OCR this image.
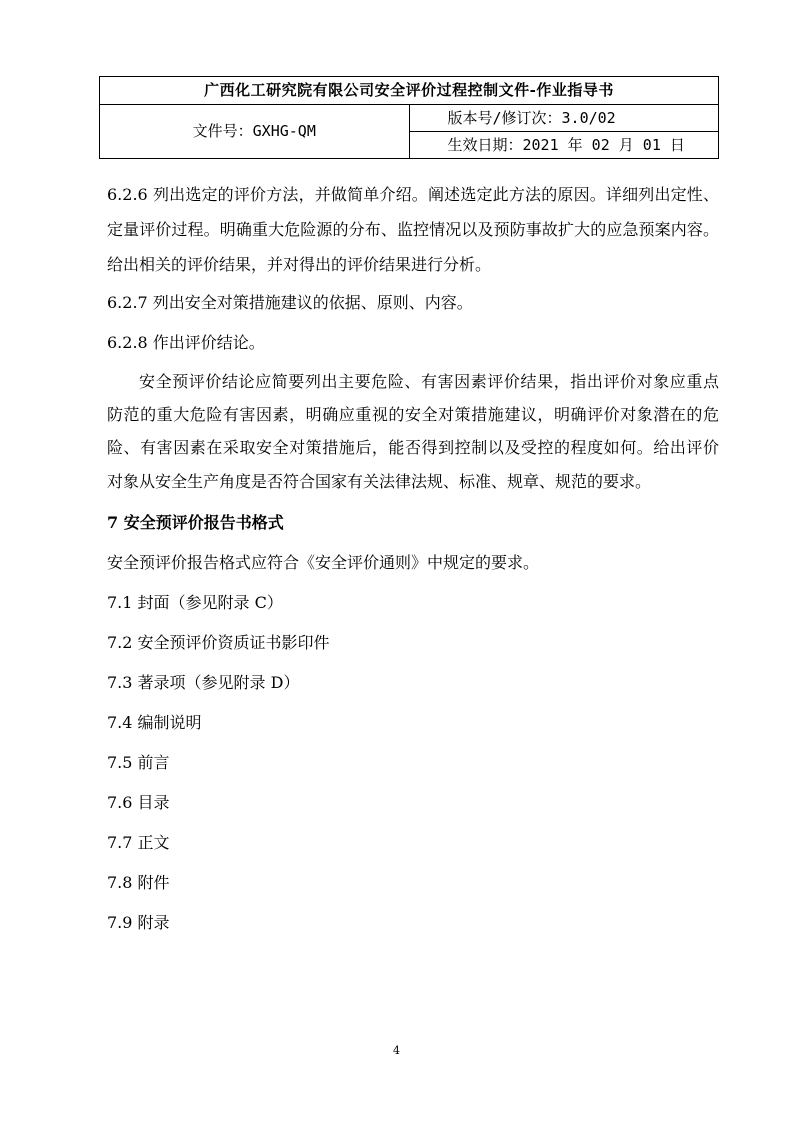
广西化工研究院有限公司安全评价过程控制文件-作业指导书
文件号：GXHG-QM	版本号/修订次：3.0/02
生效日期：2021 年 02 月 01 日
6.2.6 列出选定的评价方法，并做简单介绍。阐述选定此方法的原因。详细列出定性、
定量评价过程。明确重大危险源的分布、监控情况以及预防事故扩大的应急预案内容。
给出相关的评价结果，并对得出的评价结果进行分析。
6.2.7 列出安全对策措施建议的依据、原则、内容。
6.2.8 作出评价结论。
安全预评价结论应简要列出主要危险、有害因素评价结果，指出评价对象应重点
防范的重大危险有害因素，明确应重视的安全对策措施建议，明确评价对象潜在的危
险、有害因素在采取安全对策措施后，能否得到控制以及受控的程度如何。给出评价
对象从安全生产角度是否符合国家有关法律法规、标准、规章、规范的要求。
7 安全预评价报告书格式
安全预评价报告格式应符合《安全评价通则》中规定的要求。
7.1 封面（参见附录 C）
7.2 安全预评价资质证书影印件
7.3 著录项（参见附录 D）
7.4 编制说明
7.5 前言
7.6 目录
7.7 正文
7.8 附件
7.9 附录
4
